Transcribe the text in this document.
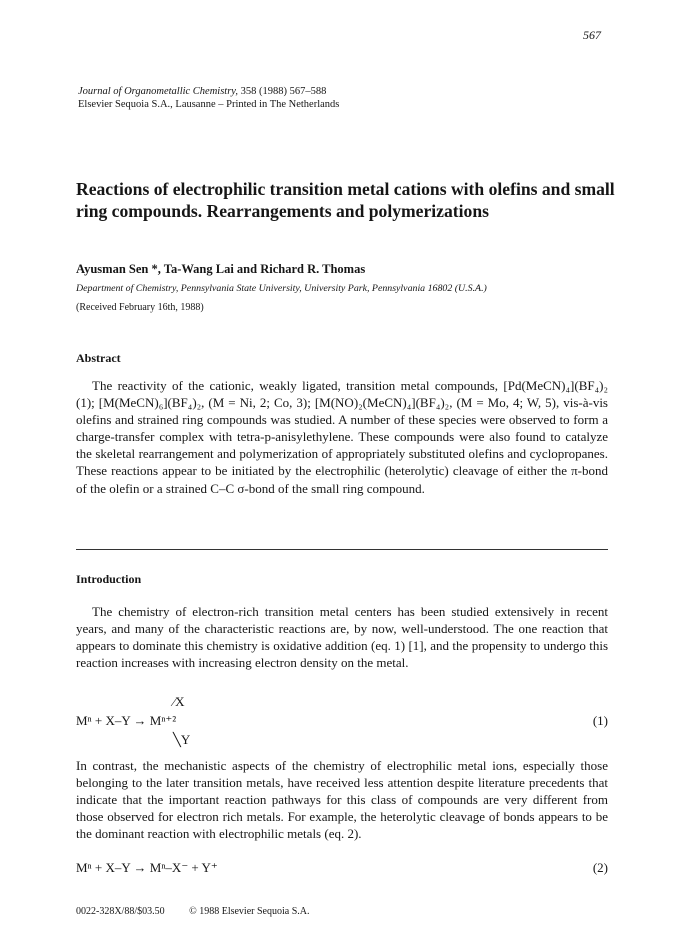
567
Journal of Organometallic Chemistry, 358 (1988) 567–588
Elsevier Sequoia S.A., Lausanne – Printed in The Netherlands
Reactions of electrophilic transition metal cations with olefins and small ring compounds. Rearrangements and polymerizations
Ayusman Sen *, Ta-Wang Lai and Richard R. Thomas
Department of Chemistry, Pennsylvania State University, University Park, Pennsylvania 16802 (U.S.A.)
(Received February 16th, 1988)
Abstract

The reactivity of the cationic, weakly ligated, transition metal compounds, [Pd(MeCN)₄](BF₄)₂ (1); [M(MeCN)₆](BF₄)₂, (M = Ni, 2; Co, 3); [M(NO)₂(MeCN)₄](BF₄)₂, (M = Mo, 4; W, 5), vis-à-vis olefins and strained ring compounds was studied. A number of these species were observed to form a charge-transfer complex with tetra-p-anisylethylene. These compounds were also found to catalyze the skeletal rearrangement and polymerization of appropriately substituted olefins and cyclopropanes. These reactions appear to be initiated by the electrophilic (heterolytic) cleavage of either the π-bond of the olefin or a strained C–C σ-bond of the small ring compound.

Introduction

The chemistry of electron-rich transition metal centers has been studied extensively in recent years, and many of the characteristic reactions are, by now, well-understood. The one reaction that appears to dominate this chemistry is oxidative addition (eq. 1) [1], and the propensity to undergo this reaction increases with increasing electron density on the metal.

⁄X
Mⁿ + X–Y → Mⁿ⁺²
╲Y
(1)

In contrast, the mechanistic aspects of the chemistry of electrophilic metal ions, especially those belonging to the later transition metals, have received less attention despite literature precedents that indicate that the important reaction pathways for this class of compounds are very different from those observed for electron rich metals. For example, the heterolytic cleavage of bonds appears to be the dominant reaction with electrophilic metals (eq. 2).

Mⁿ + X–Y → Mⁿ–X⁻ + Y⁺	(2)
0022-328X/88/$03.50 © 1988 Elsevier Sequoia S.A.
